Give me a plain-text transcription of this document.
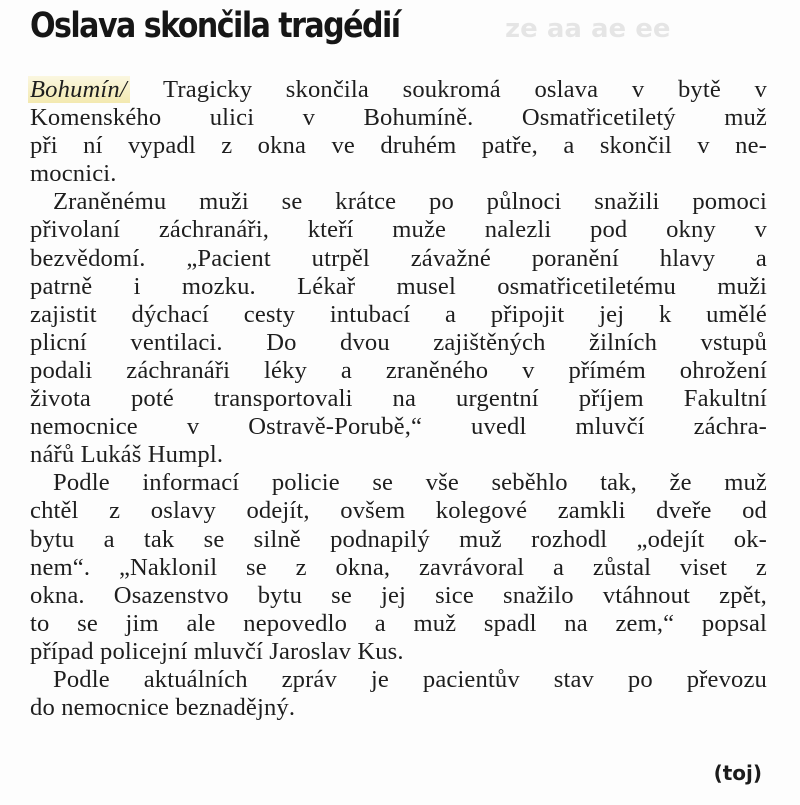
Oslava skončila tragédií	ze aa ae ee
Bohumín/ Tragicky skončila soukromá oslava v bytě v
Komenského ulici v Bohumíně. Osmatřicetiletý muž
při ní vypadl z okna ve druhém patře, a skončil v ne-
mocnici.
Zraněnému muži se krátce po půlnoci snažili pomoci
přivolaní záchranáři, kteří muže nalezli pod okny v
bezvědomí. „Pacient utrpěl závažné poranění hlavy a
patrně i mozku. Lékař musel osmatřicetiletému muži
zajistit dýchací cesty intubací a připojit jej k umělé
plicní ventilaci. Do dvou zajištěných žilních vstupů
podali záchranáři léky a zraněného v přímém ohrožení
života poté transportovali na urgentní příjem Fakultní
nemocnice v Ostravě-Porubě,“ uvedl mluvčí záchra-
nářů Lukáš Humpl.
Podle informací policie se vše seběhlo tak, že muž
chtěl z oslavy odejít, ovšem kolegové zamkli dveře od
bytu a tak se silně podnapilý muž rozhodl „odejít ok-
nem“. „Naklonil se z okna, zavrávoral a zůstal viset z
okna. Osazenstvo bytu se jej sice snažilo vtáhnout zpět,
to se jim ale nepovedlo a muž spadl na zem,“ popsal
případ policejní mluvčí Jaroslav Kus.
Podle aktuálních zpráv je pacientův stav po převozu
do nemocnice beznadějný.
(toj)
